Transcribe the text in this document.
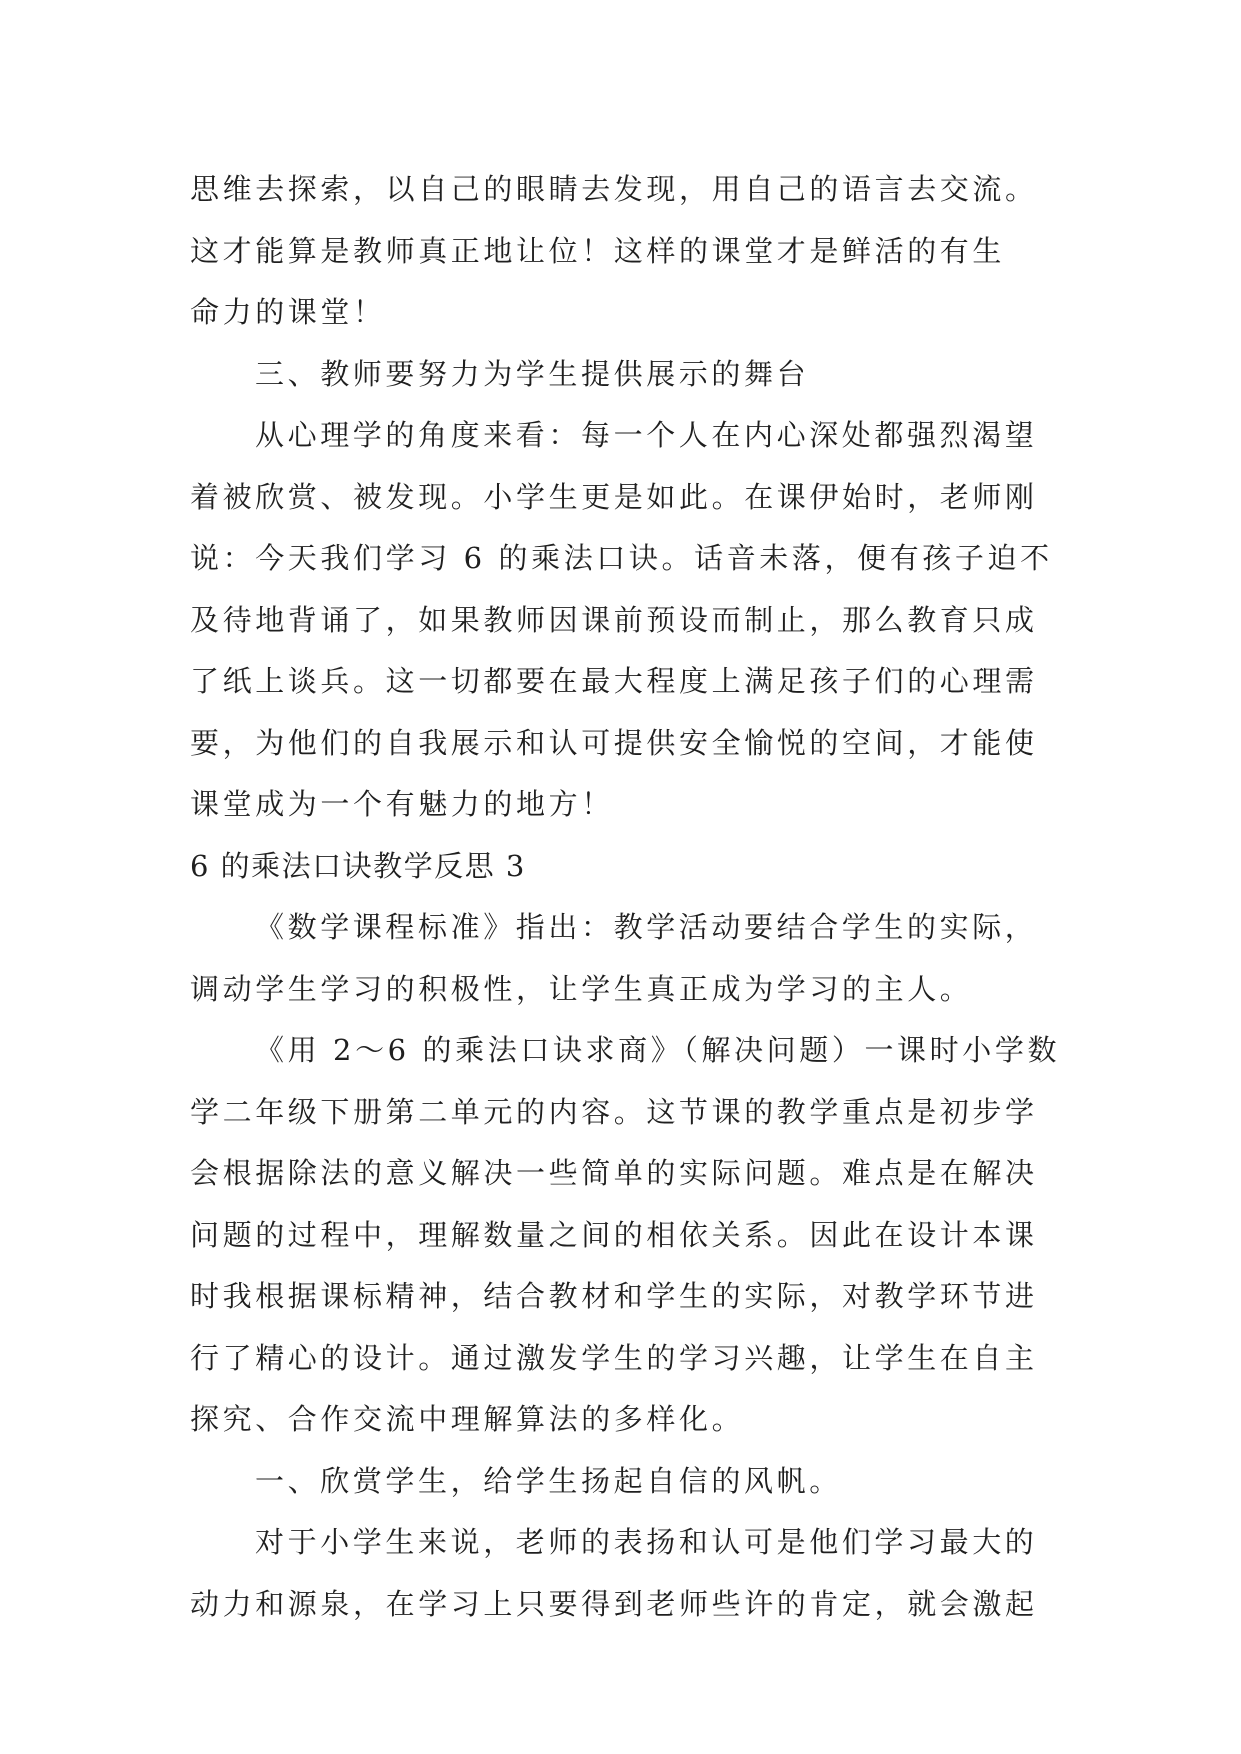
思维去探索，以自己的眼睛去发现，用自己的语言去交流。
这才能算是教师真正地让位！这样的课堂才是鲜活的有生
命力的课堂！
三、教师要努力为学生提供展示的舞台
从心理学的角度来看：每一个人在内心深处都强烈渴望
着被欣赏、被发现。小学生更是如此。在课伊始时，老师刚
说：今天我们学习 6 的乘法口诀。话音未落，便有孩子迫不
及待地背诵了，如果教师因课前预设而制止，那么教育只成
了纸上谈兵。这一切都要在最大程度上满足孩子们的心理需
要，为他们的自我展示和认可提供安全愉悦的空间，才能使
课堂成为一个有魅力的地方！
6 的乘法口诀教学反思 3
《数学课程标准》指出：教学活动要结合学生的实际，
调动学生学习的积极性，让学生真正成为学习的主人。
《用 2～6 的乘法口诀求商》（解决问题）一课时小学数
学二年级下册第二单元的内容。这节课的教学重点是初步学
会根据除法的意义解决一些简单的实际问题。难点是在解决
问题的过程中，理解数量之间的相依关系。因此在设计本课
时我根据课标精神，结合教材和学生的实际，对教学环节进
行了精心的设计。通过激发学生的学习兴趣，让学生在自主
探究、合作交流中理解算法的多样化。
一、欣赏学生，给学生扬起自信的风帆。
对于小学生来说，老师的表扬和认可是他们学习最大的
动力和源泉，在学习上只要得到老师些许的肯定，就会激起
